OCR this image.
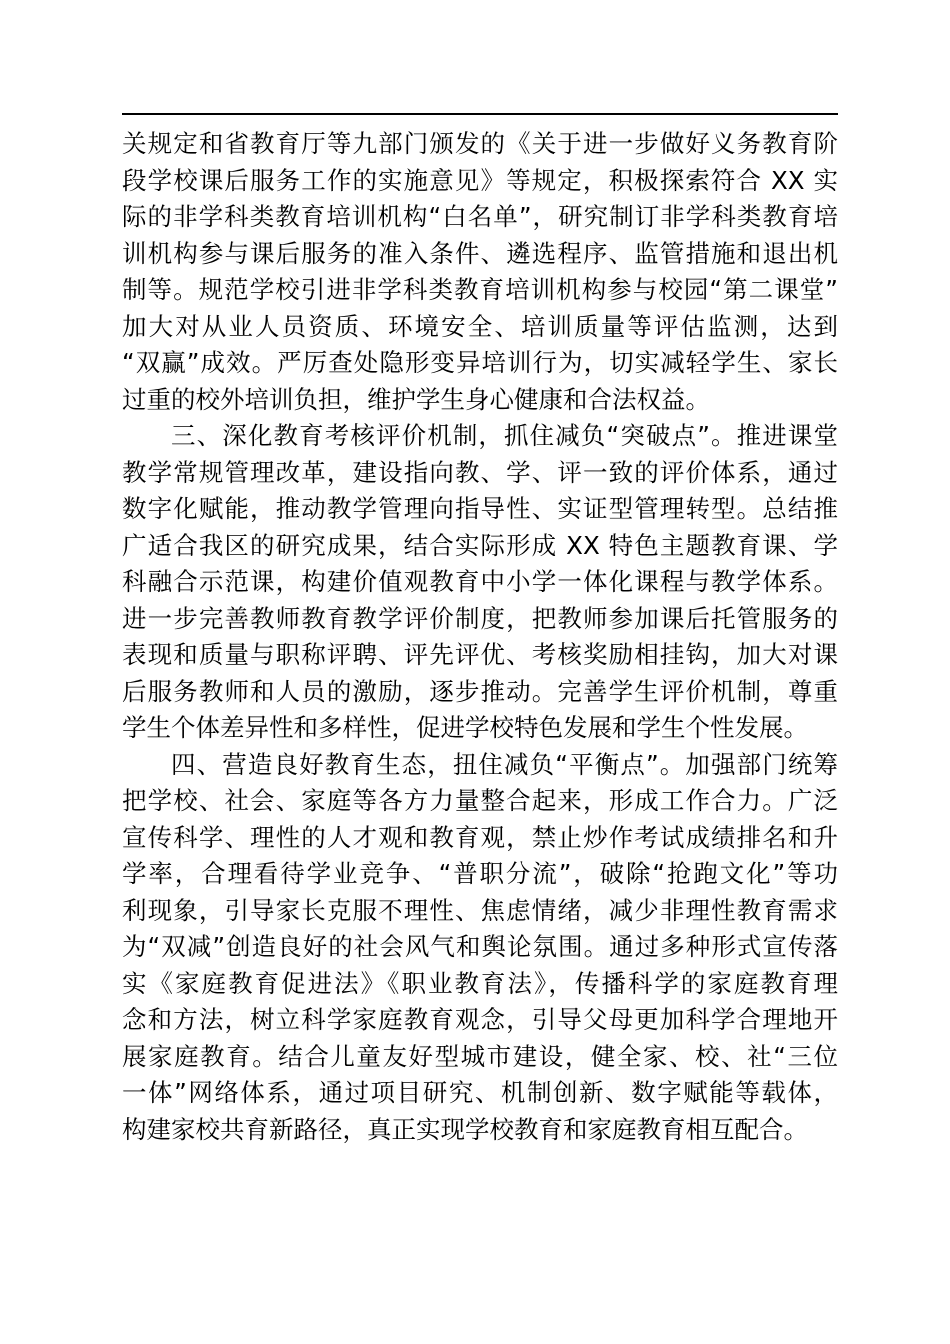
关规定和省教育厅等九部门颁发的《关于进一步做好义务教育阶
段学校课后服务工作的实施意见》等规定，积极探索符合 XX 实
际的非学科类教育培训机构“白名单”，研究制订非学科类教育培
训机构参与课后服务的准入条件、遴选程序、监管措施和退出机
制等。规范学校引进非学科类教育培训机构参与校园“第二课堂”
加大对从业人员资质、环境安全、培训质量等评估监测，达到
“双赢”成效。严厉查处隐形变异培训行为，切实减轻学生、家长
过重的校外培训负担，维护学生身心健康和合法权益。
三、深化教育考核评价机制，抓住减负“突破点”。推进课堂
教学常规管理改革，建设指向教、学、评一致的评价体系，通过
数字化赋能，推动教学管理向指导性、实证型管理转型。总结推
广适合我区的研究成果，结合实际形成 XX 特色主题教育课、学
科融合示范课，构建价值观教育中小学一体化课程与教学体系。
进一步完善教师教育教学评价制度，把教师参加课后托管服务的
表现和质量与职称评聘、评先评优、考核奖励相挂钩，加大对课
后服务教师和人员的激励，逐步推动。完善学生评价机制，尊重
学生个体差异性和多样性，促进学校特色发展和学生个性发展。
四、营造良好教育生态，扭住减负“平衡点”。加强部门统筹
把学校、社会、家庭等各方力量整合起来，形成工作合力。广泛
宣传科学、理性的人才观和教育观，禁止炒作考试成绩排名和升
学率，合理看待学业竞争、“普职分流”，破除“抢跑文化”等功
利现象，引导家长克服不理性、焦虑情绪，减少非理性教育需求
为“双减”创造良好的社会风气和舆论氛围。通过多种形式宣传落
实《家庭教育促进法》《职业教育法》，传播科学的家庭教育理
念和方法，树立科学家庭教育观念，引导父母更加科学合理地开
展家庭教育。结合儿童友好型城市建设，健全家、校、社“三位
一体”网络体系，通过项目研究、机制创新、数字赋能等载体，
构建家校共育新路径，真正实现学校教育和家庭教育相互配合。
